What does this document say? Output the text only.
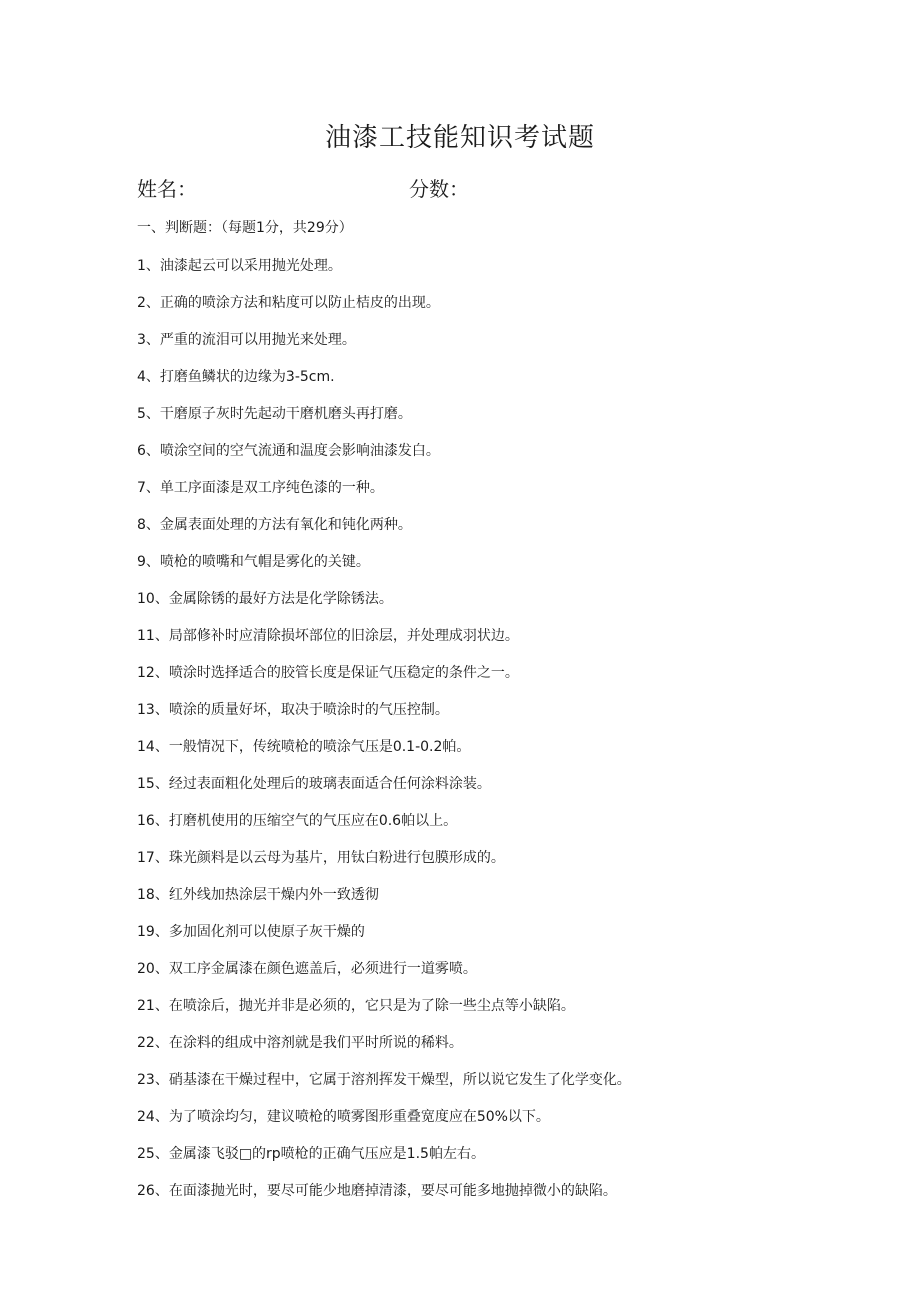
油漆工技能知识考试题
姓名：	分数：
一、判断题：（每题1分，共29分）
1、油漆起云可以采用抛光处理。
2、正确的喷涂方法和粘度可以防止桔皮的出现。
3、严重的流泪可以用抛光来处理。
4、打磨鱼鳞状的边缘为3-5cm.
5、干磨原子灰时先起动干磨机磨头再打磨。
6、喷涂空间的空气流通和温度会影响油漆发白。
7、单工序面漆是双工序纯色漆的一种。
8、金属表面处理的方法有氧化和钝化两种。
9、喷枪的喷嘴和气帽是雾化的关键。
10、金属除锈的最好方法是化学除锈法。
11、局部修补时应清除损坏部位的旧涂层，并处理成羽状边。
12、喷涂时选择适合的胶管长度是保证气压稳定的条件之一。
13、喷涂的质量好坏，取决于喷涂时的气压控制。
14、一般情况下，传统喷枪的喷涂气压是0.1-0.2帕。
15、经过表面粗化处理后的玻璃表面适合任何涂料涂装。
16、打磨机使用的压缩空气的气压应在0.6帕以上。
17、珠光颜料是以云母为基片，用钛白粉进行包膜形成的。
18、红外线加热涂层干燥内外一致透彻
19、多加固化剂可以使原子灰干燥的
20、双工序金属漆在颜色遮盖后，必须进行一道雾喷。
21、在喷涂后，抛光并非是必须的，它只是为了除一些尘点等小缺陷。
22、在涂料的组成中溶剂就是我们平时所说的稀料。
23、硝基漆在干燥过程中，它属于溶剂挥发干燥型，所以说它发生了化学变化。
24、为了喷涂均匀，建议喷枪的喷雾图形重叠宽度应在50%以下。
25、金属漆飞驳□的rp喷枪的正确气压应是1.5帕左右。
26、在面漆抛光时，要尽可能少地磨掉清漆，要尽可能多地抛掉微小的缺陷。
